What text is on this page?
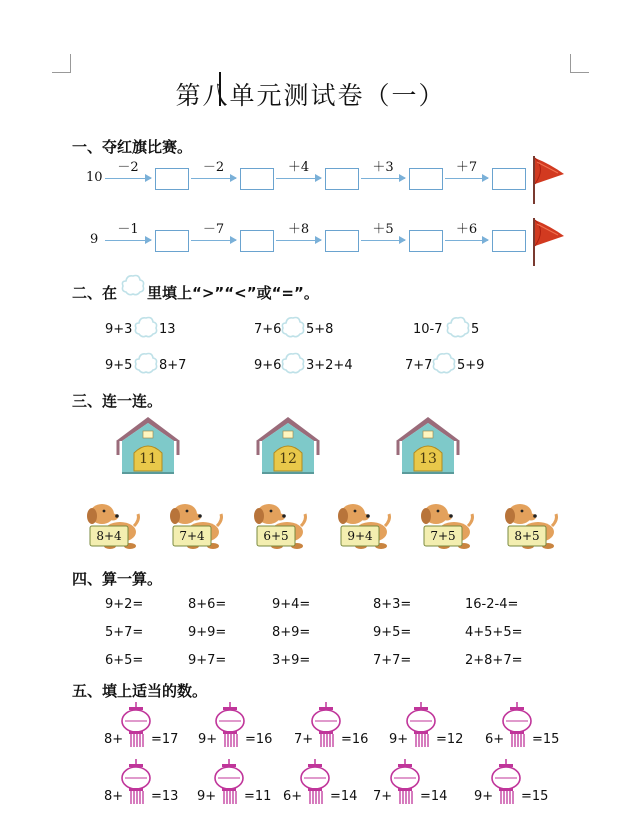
第八单元测试卷（一）
一、夺红旗比赛。
10
－2	－2	＋4	＋3	＋7
9
－1	－7	＋8	＋5	＋6
二、在 里填上“>”“<”或“=”。
9+3 13	7+6 5+8	10-7 5
9+5 8+7	9+6 3+2+4	7+7 5+9
三、连一连。
11	12	13
8+4	7+4	6+5	9+4	7+5	8+5
四、算一算。
9+2=	8+6=	9+4=	8+3=	16-2-4=
5+7=	9+9=	8+9=	9+5=	4+5+5=
6+5=	9+7=	3+9=	7+7=	2+8+7=
五、填上适当的数。
8+ =17 9+ =16 7+ =16 9+ =12 6+ =15
8+ =13 9+ =11 6+ =14 7+ =14 9+ =15
